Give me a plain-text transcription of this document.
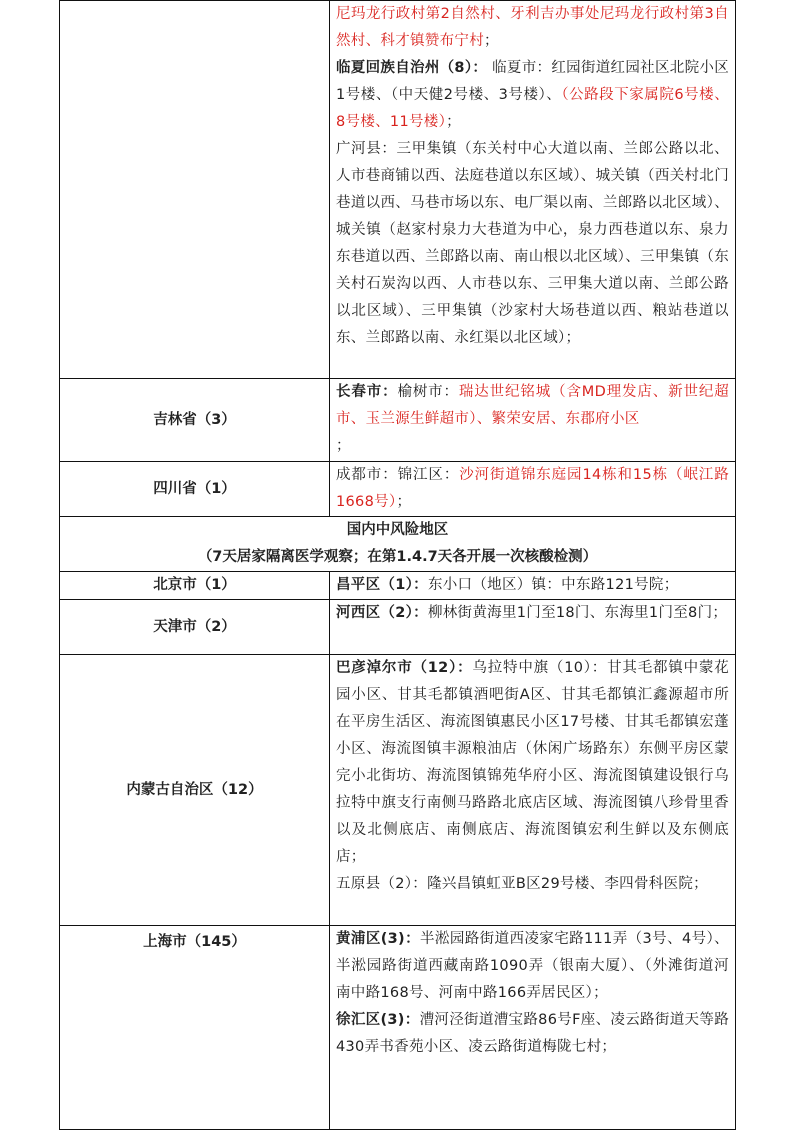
	尼玛龙行政村第2自然村、牙利吉办事处尼玛龙行政村第3自然村、科才镇赞布宁村；

临夏回族自治州（8）： 临夏市：红园街道红园社区北院小区1号楼、（中天健2号楼、3号楼）、（公路段下家属院6号楼、8号楼、11号楼）；

广河县：三甲集镇（东关村中心大道以南、兰郎公路以北、人市巷商铺以西、法庭巷道以东区域）、城关镇（西关村北门巷道以西、马巷市场以东、电厂渠以南、兰郎路以北区域）、城关镇（赵家村泉力大巷道为中心，泉力西巷道以东、泉力东巷道以西、兰郎路以南、南山根以北区域）、三甲集镇（东关村石炭沟以西、人市巷以东、三甲集大道以南、兰郎公路以北区域）、三甲集镇（沙家村大场巷道以西、粮站巷道以东、兰郎路以南、永红渠以北区域）；

吉林省（3）	长春市：榆树市：瑞达世纪铭城（含MD理发店、新世纪超市、玉兰源生鲜超市）、繁荣安居、东郡府小区
；

四川省（1）	成都市：锦江区：沙河街道锦东庭园14栋和15栋（岷江路1668号）；

国内中风险地区
（7天居家隔离医学观察；在第1.4.7天各开展一次核酸检测）	

北京市（1）	昌平区（1）：东小口（地区）镇：中东路121号院；

天津市（2）	河西区（2）：柳林街黄海里1门至18门、东海里1门至8门；

内蒙古自治区（12）	巴彦淖尔市（12）：乌拉特中旗（10）：甘其毛都镇中蒙花园小区、甘其毛都镇酒吧街A区、甘其毛都镇汇鑫源超市所在平房生活区、海流图镇惠民小区17号楼、甘其毛都镇宏蓬小区、海流图镇丰源粮油店（休闲广场路东）东侧平房区蒙完小北街坊、海流图镇锦苑华府小区、海流图镇建设银行乌拉特中旗支行南侧马路路北底店区域、海流图镇八珍骨里香以及北侧底店、南侧底店、海流图镇宏利生鲜以及东侧底店；

五原县（2）：隆兴昌镇虹亚B区29号楼、李四骨科医院；

上海市（145）	黄浦区(3)：半淞园路街道西凌家宅路111弄（3号、4号）、半淞园路街道西藏南路1090弄（银南大厦）、（外滩街道河南中路168号、河南中路166弄居民区）；

徐汇区(3)：漕河泾街道漕宝路86号F座、凌云路街道天等路430弄书香苑小区、凌云路街道梅陇七村；
